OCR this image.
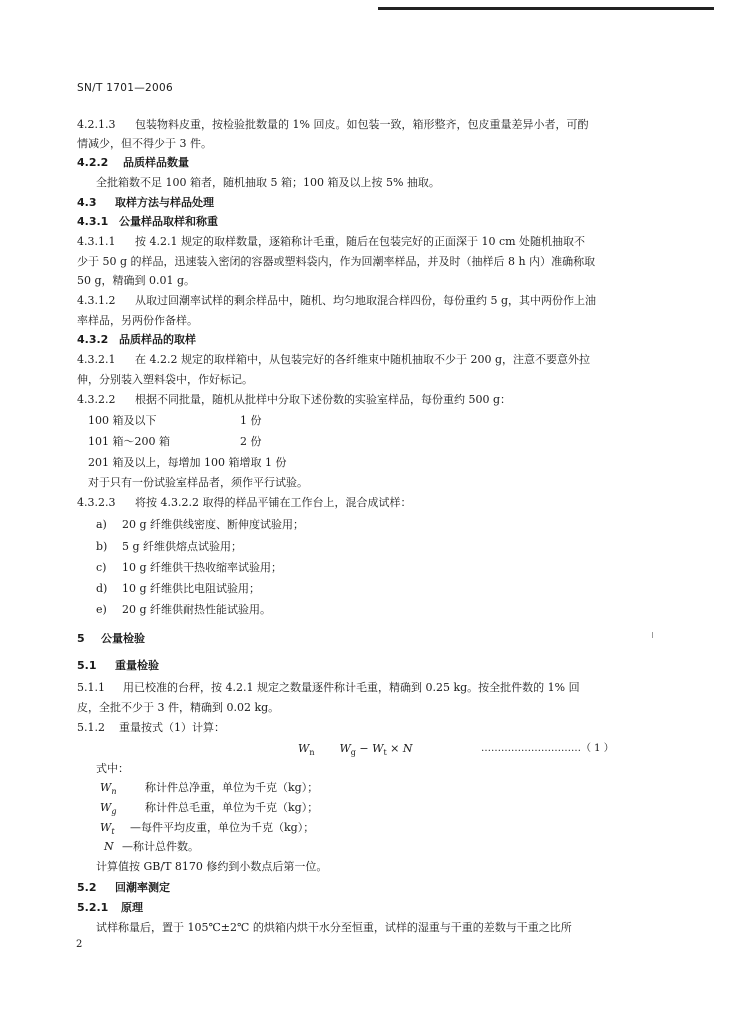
SN/T 1701—2006
4.2.1.3 包装物料皮重，按检验批数量的 1% 回皮。如包装一致，箱形整齐，包皮重量差异小者，可酌
情减少，但不得少于 3 件。
4.2.2 品质样品数量
全批箱数不足 100 箱者，随机抽取 5 箱；100 箱及以上按 5% 抽取。
4.3 取样方法与样品处理
4.3.1 公量样品取样和称重
4.3.1.1 按 4.2.1 规定的取样数量，逐箱称计毛重，随后在包装完好的正面深于 10 cm 处随机抽取不
少于 50 g 的样品，迅速装入密闭的容器或塑料袋内，作为回潮率样品，并及时（抽样后 8 h 内）准确称取
50 g，精确到 0.01 g。
4.3.1.2 从取过回潮率试样的剩余样品中，随机、均匀地取混合样四份，每份重约 5 g，其中两份作上油
率样品，另两份作备样。
4.3.2 品质样品的取样
4.3.2.1 在 4.2.2 规定的取样箱中，从包装完好的各纤维束中随机抽取不少于 200 g，注意不要意外拉
伸，分别装入塑料袋中，作好标记。
4.3.2.2 根据不同批量，随机从批样中分取下述份数的实验室样品，每份重约 500 g：
100 箱及以下	1 份
101 箱～200 箱	2 份
201 箱及以上，每增加 100 箱增取 1 份
对于只有一份试验室样品者，须作平行试验。
4.3.2.3 将按 4.3.2.2 取得的样品平铺在工作台上，混合成试样：
a) 20 g 纤维供线密度、断伸度试验用；
b) 5 g 纤维供熔点试验用；
c) 10 g 纤维供干热收缩率试验用；
d) 10 g 纤维供比电阻试验用；
e) 20 g 纤维供耐热性能试验用。
5 公量检验
5.1 重量检验
5.1.1 用已校准的台秤，按 4.2.1 规定之数量逐件称计毛重，精确到 0.25 kg。按全批件数的 1% 回
皮，全批不少于 3 件，精确到 0.02 kg。
5.1.2 重量按式（1）计算：
$W_n$ $W_g - W_t \times N$	…………………………（ 1 ）
式中：
$W_n$	称计件总净重，单位为千克（kg）；
$W_g$	称计件总毛重，单位为千克（kg）；
$W_t$ —每件平均皮重，单位为千克（kg）；
N —称计总件数。
计算值按 GB/T 8170 修约到小数点后第一位。
5.2 回潮率测定
5.2.1 原理
试样称量后，置于 105℃±2℃ 的烘箱内烘干水分至恒重，试样的湿重与干重的差数与干重之比所
2
